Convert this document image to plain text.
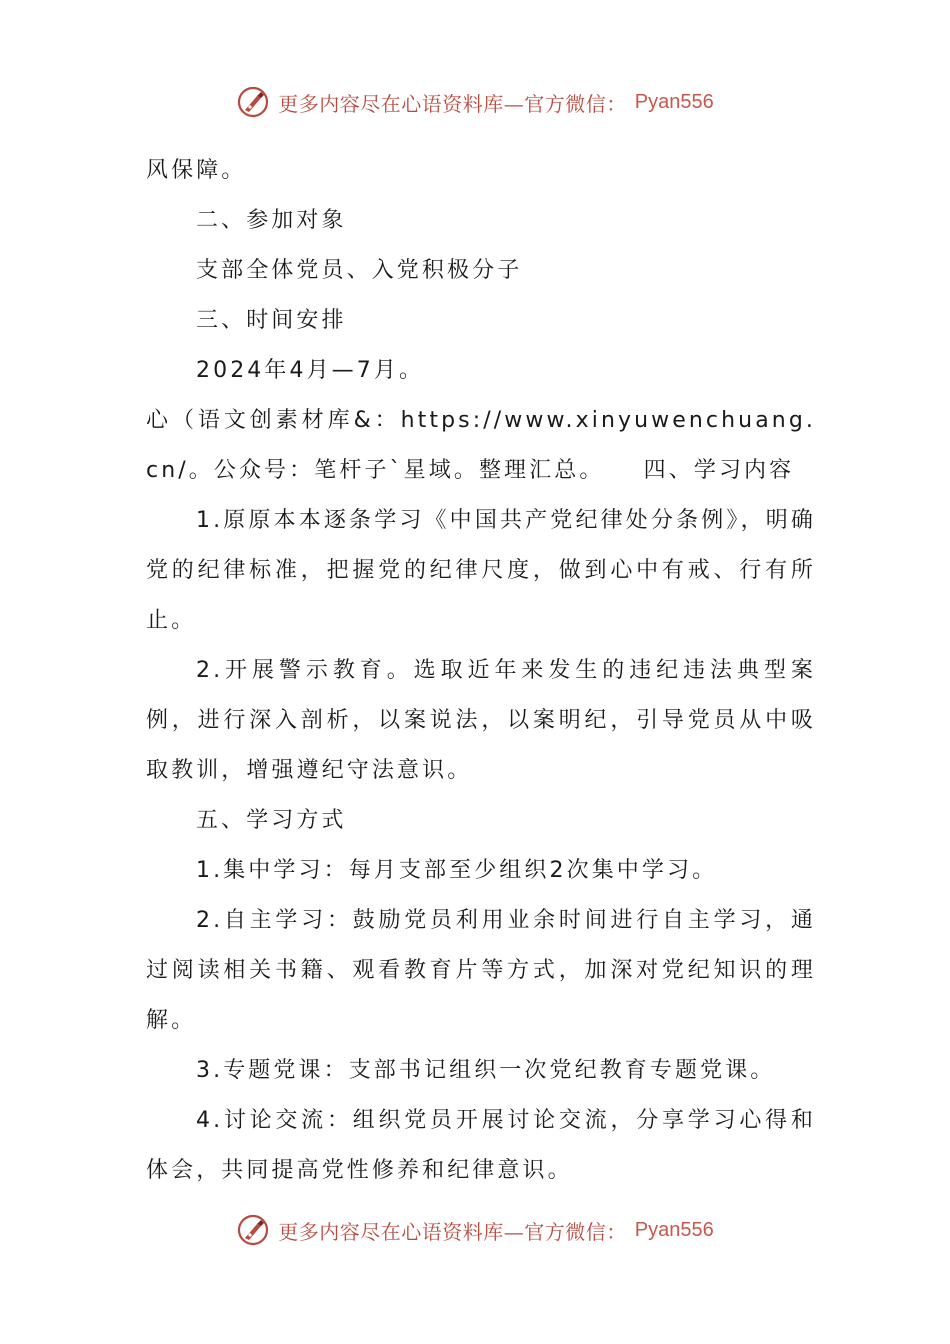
更多内容尽在心语资料库—官方微信： Pyan556

风保障。

二、参加对象

支部全体党员、入党积极分子

三、时间安排

2024年4月—7月。

心（语文创素材库&：https://www.xinyuwenchuang.cn/。公众号：笔杆子`星域。整理汇总。　　四、学习内容

1.原原本本逐条学习《中国共产党纪律处分条例》，明确党的纪律标准，把握党的纪律尺度，做到心中有戒、行有所止。

2.开展警示教育。选取近年来发生的违纪违法典型案例，进行深入剖析，以案说法，以案明纪，引导党员从中吸取教训，增强遵纪守法意识。

五、学习方式

1.集中学习：每月支部至少组织2次集中学习。

2.自主学习：鼓励党员利用业余时间进行自主学习，通过阅读相关书籍、观看教育片等方式，加深对党纪知识的理解。

3.专题党课：支部书记组织一次党纪教育专题党课。

4.讨论交流：组织党员开展讨论交流，分享学习心得和体会，共同提高党性修养和纪律意识。

更多内容尽在心语资料库—官方微信： Pyan556
